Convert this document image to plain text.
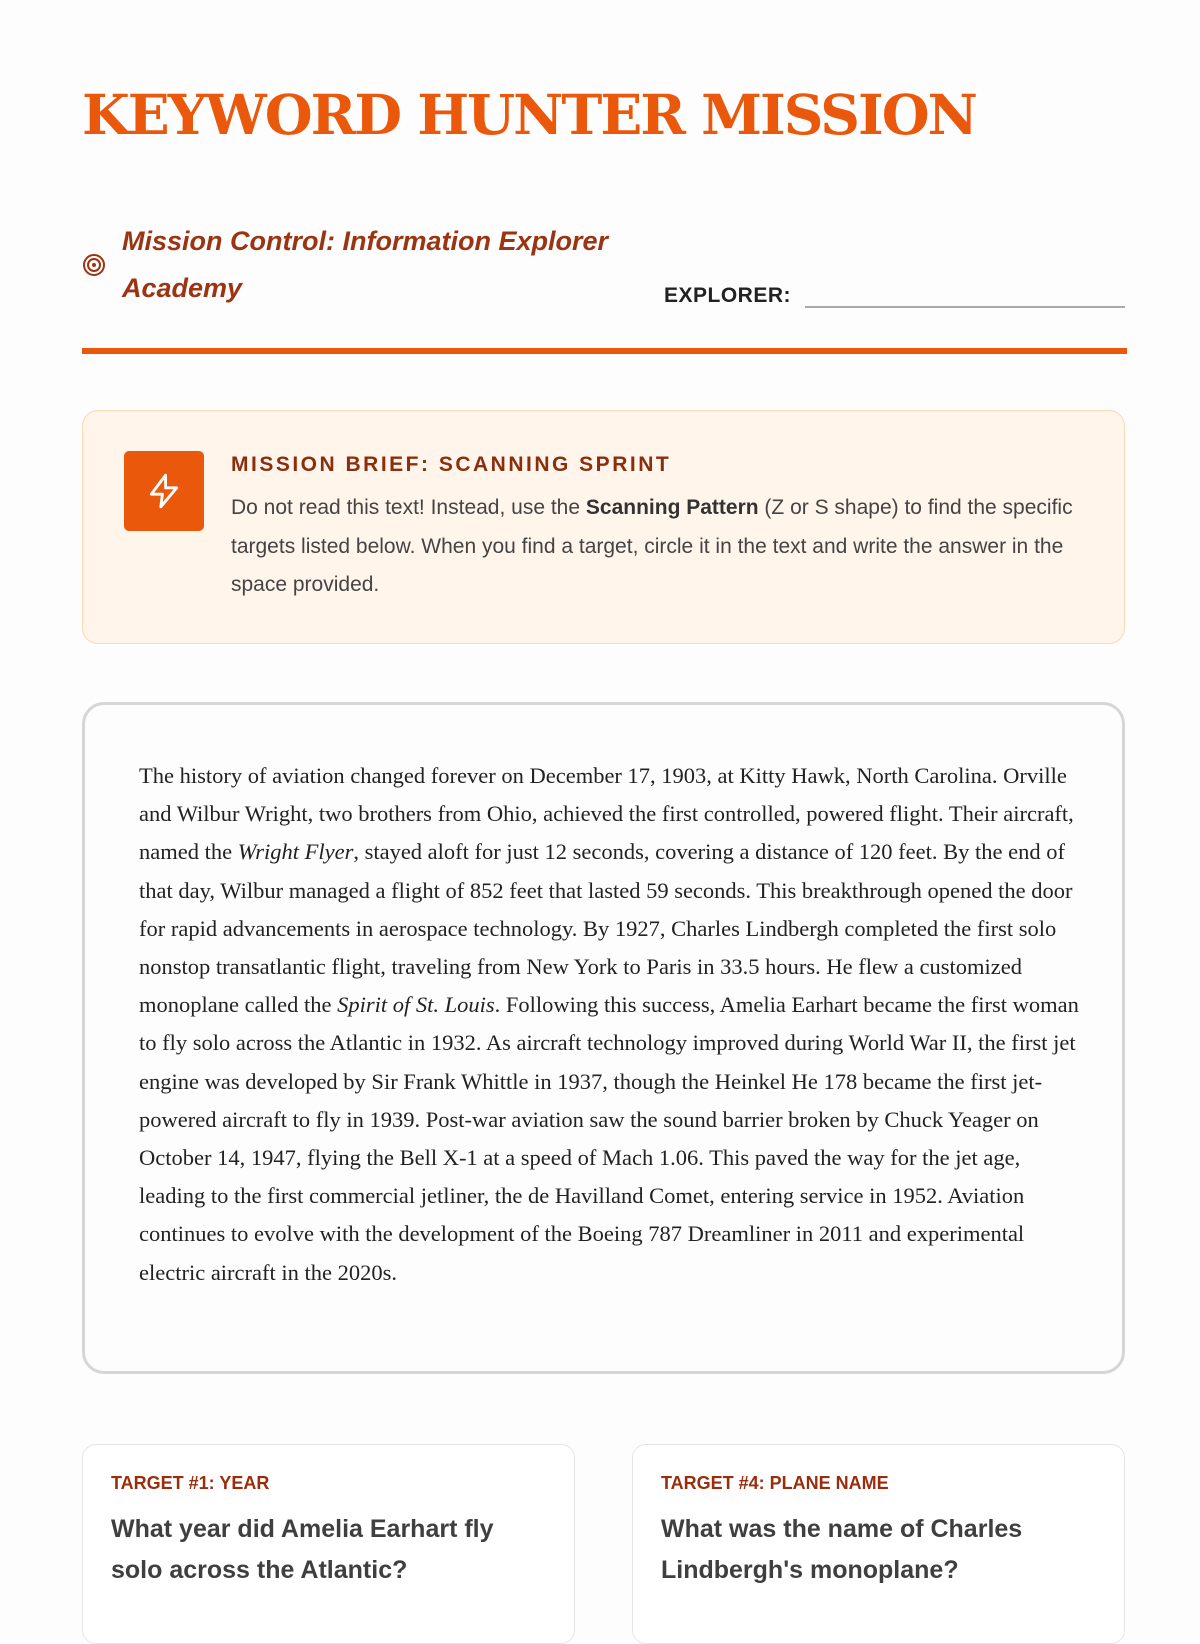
KEYWORD HUNTER MISSION
Mission Control: Information Explorer Academy	EXPLORER:
MISSION BRIEF: SCANNING SPRINT
Do not read this text! Instead, use the Scanning Pattern (Z or S shape) to find the specific targets listed below. When you find a target, circle it in the text and write the answer in the space provided.

The history of aviation changed forever on December 17, 1903, at Kitty Hawk, North Carolina. Orville and Wilbur Wright, two brothers from Ohio, achieved the first controlled, powered flight. Their aircraft, named the Wright Flyer, stayed aloft for just 12 seconds, covering a distance of 120 feet. By the end of that day, Wilbur managed a flight of 852 feet that lasted 59 seconds. This breakthrough opened the door for rapid advancements in aerospace technology. By 1927, Charles Lindbergh completed the first solo nonstop transatlantic flight, traveling from New York to Paris in 33.5 hours. He flew a customized monoplane called the Spirit of St. Louis. Following this success, Amelia Earhart became the first woman to fly solo across the Atlantic in 1932. As aircraft technology improved during World War II, the first jet engine was developed by Sir Frank Whittle in 1937, though the Heinkel He 178 became the first jet-powered aircraft to fly in 1939. Post-war aviation saw the sound barrier broken by Chuck Yeager on October 14, 1947, flying the Bell X-1 at a speed of Mach 1.06. This paved the way for the jet age, leading to the first commercial jetliner, the de Havilland Comet, entering service in 1952. Aviation continues to evolve with the development of the Boeing 787 Dreamliner in 2011 and experimental electric aircraft in the 2020s.

TARGET #1: YEAR
What year did Amelia Earhart fly solo across the Atlantic?
TARGET #4: PLANE NAME
What was the name of Charles Lindbergh's monoplane?
